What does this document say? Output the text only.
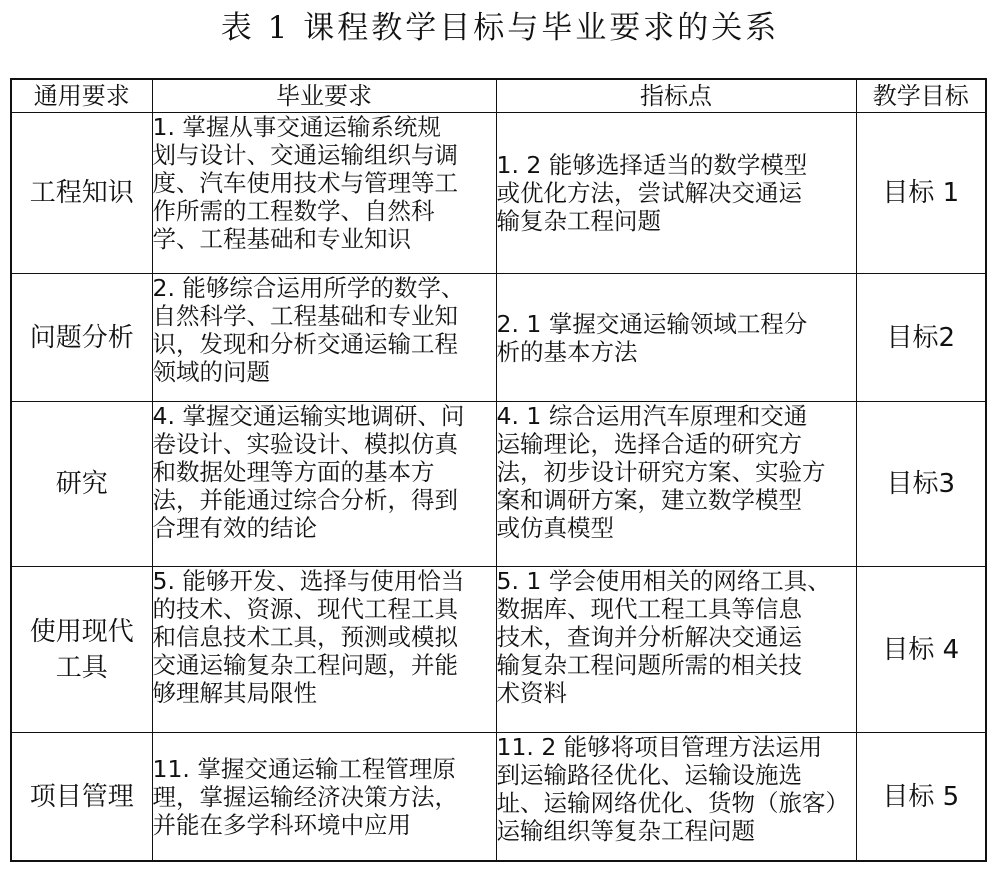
表 1 课程教学目标与毕业要求的关系
通用要求	毕业要求	指标点	教学目标
工程知识	1. 掌握从事交通运输系统规
划与设计、交通运输组织与调
度、汽车使用技术与管理等工
作所需的工程数学、自然科
学、工程基础和专业知识	1. 2 能够选择适当的数学模型
或优化方法，尝试解决交通运
输复杂工程问题	目标 1
问题分析	2. 能够综合运用所学的数学、
自然科学、工程基础和专业知
识，发现和分析交通运输工程
领域的问题	2. 1 掌握交通运输领域工程分
析的基本方法	目标2
研究	4. 掌握交通运输实地调研、问
卷设计、实验设计、模拟仿真
和数据处理等方面的基本方
法，并能通过综合分析，得到
合理有效的结论	4. 1 综合运用汽车原理和交通
运输理论，选择合适的研究方
法，初步设计研究方案、实验方
案和调研方案，建立数学模型
或仿真模型	目标3

使用现代
工具	5. 能够开发、选择与使用恰当
的技术、资源、现代工程工具
和信息技术工具，预测或模拟
交通运输复杂工程问题，并能
够理解其局限性	5. 1 学会使用相关的网络工具、
数据库、现代工程工具等信息
技术，查询并分析解决交通运
输复杂工程问题所需的相关技
术资料	目标 4
项目管理	11. 掌握交通运输工程管理原
理，掌握运输经济决策方法，
并能在多学科环境中应用	11. 2 能够将项目管理方法运用
到运输路径优化、运输设施选
址、运输网络优化、货物（旅客）
运输组织等复杂工程问题	目标 5
